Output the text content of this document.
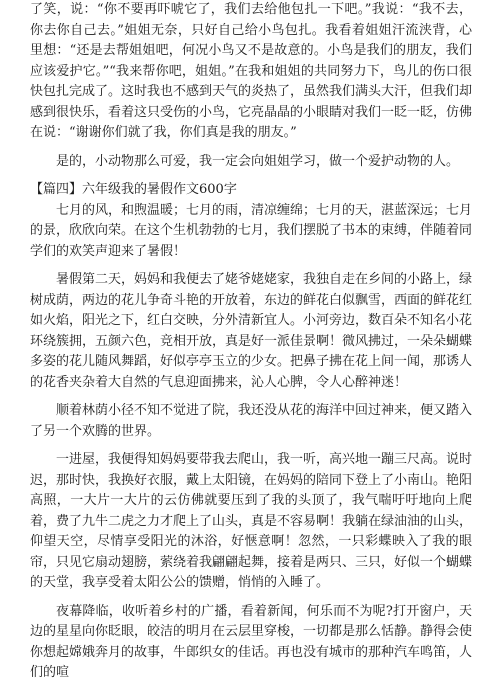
了笑，说：“你不要再吓唬它了，我们去给他包扎一下吧。”我说：“我不去，你去你自己去。”姐姐无奈，只好自己给小鸟包扎。我看着姐姐汗流浃背，心里想：“还是去帮姐姐吧，何况小鸟又不是故意的。小鸟是我们的朋友，我们应该爱护它。”“我来帮你吧，姐姐。”在我和姐姐的共同努力下，鸟儿的伤口很快包扎完成了。这时我也不感到天气的炎热了，虽然我们满头大汗，但我们却感到很快乐，看着这只受伤的小鸟，它亮晶晶的小眼睛对我们一眨一眨，仿佛在说：“谢谢你们就了我，你们真是我的朋友。”

是的，小动物那么可爱，我一定会向姐姐学习，做一个爱护动物的人。

【篇四】六年级我的暑假作文600字

七月的风，和煦温暖；七月的雨，清凉缠绵；七月的天，湛蓝深远；七月的景，欣欣向荣。在这个生机勃勃的七月，我们摆脱了书本的束缚，伴随着同学们的欢笑声迎来了暑假！

暑假第二天，妈妈和我便去了姥爷姥姥家，我独自走在乡间的小路上，绿树成荫，两边的花儿争奇斗艳的开放着，东边的鲜花白似飘雪，西面的鲜花红如火焰，阳光之下，红白交映，分外清新宜人。小河旁边，数百朵不知名小花环绕簇拥，五颜六色，竞相开放，真是好一派佳景啊！微风拂过，一朵朵蝴蝶多姿的花儿随风舞蹈，好似亭亭玉立的少女。把鼻子拂在花上间一闻，那诱人的花香夹杂着大自然的气息迎面拂来，沁人心脾，令人心醉神迷！

顺着林荫小径不知不觉进了院，我还没从花的海洋中回过神来，便又踏入了另一个欢腾的世界。

一进屋，我便得知妈妈要带我去爬山，我一听，高兴地一蹦三尺高。说时迟，那时快，我换好衣服，戴上太阳镜，在妈妈的陪同下登上了小南山。艳阳高照，一大片一大片的云仿佛就要压到了我的头顶了，我气喘吁吁地向上爬着，费了九牛二虎之力才爬上了山头，真是不容易啊！我躺在绿油油的山头，仰望天空，尽情享受阳光的沐浴，好惬意啊！忽然，一只彩蝶映入了我的眼帘，只见它扇动翅膀，萦绕着我翩翩起舞，接着是两只、三只，好似一个蝴蝶的天堂，我享受着太阳公公的馈赠，悄悄的入睡了。

夜幕降临，收听着乡村的广播，看着新闻，何乐而不为呢?打开窗户，天边的星星向你眨眼，皎洁的明月在云层里穿梭，一切都是那么恬静。静得会使你想起嫦娥奔月的故事，牛郎织女的佳话。再也没有城市的那种汽车鸣笛，人们的喧
